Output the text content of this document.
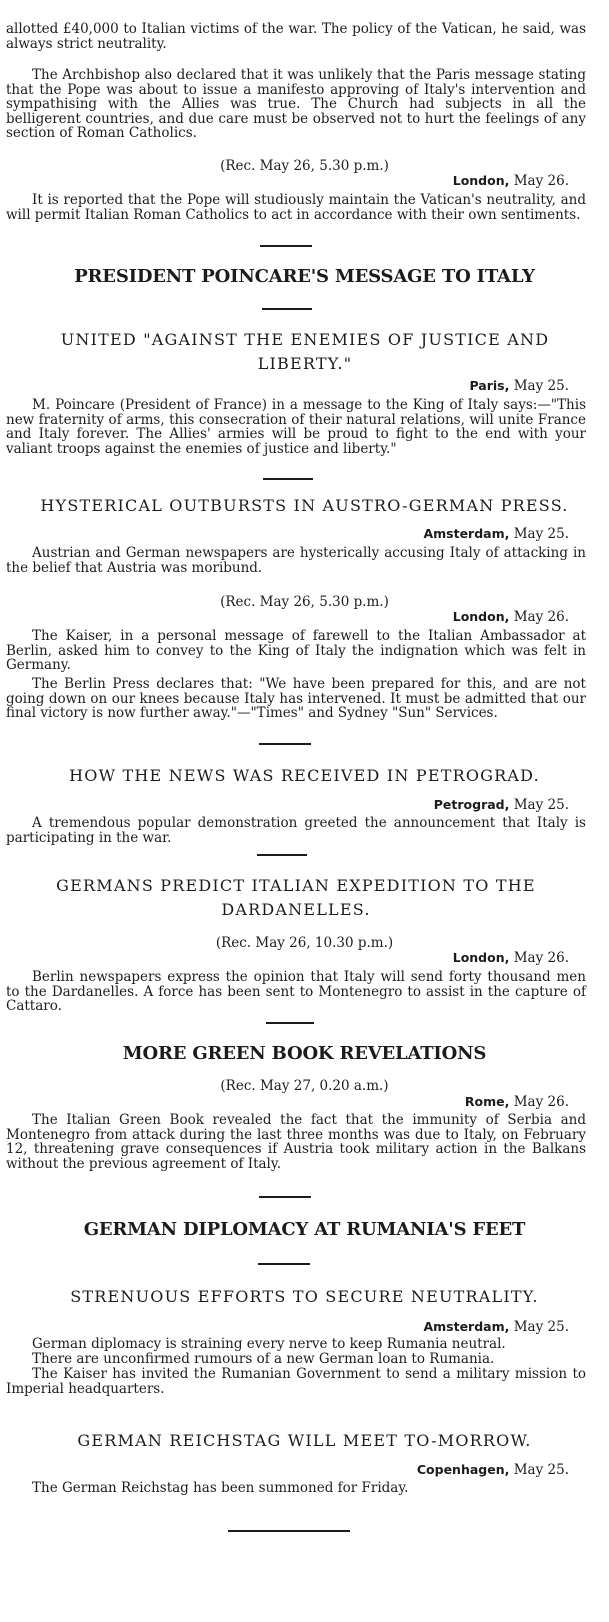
allotted £40,000 to Italian victims of the war. The policy of the Vatican, he said, was always strict neutrality.
The Archbishop also declared that it was unlikely that the Paris message stating that the Pope was about to issue a manifesto approving of Italy's intervention and sympathising with the Allies was true. The Church had subjects in all the belligerent countries, and due care must be observed not to hurt the feelings of any section of Roman Catholics.
(Rec. May 26, 5.30 p.m.)
London, May 26.
It is reported that the Pope will studiously maintain the Vatican's neutrality, and will permit Italian Roman Catholics to act in accordance with their own sentiments.
PRESIDENT POINCARE'S MESSAGE TO ITALY
UNITED "AGAINST THE ENEMIES OF JUSTICE AND LIBERTY."
Paris, May 25.
M. Poincare (President of France) in a message to the King of Italy says:—"This new fraternity of arms, this consecration of their natural relations, will unite France and Italy forever. The Allies' armies will be proud to fight to the end with your valiant troops against the enemies of justice and liberty."
HYSTERICAL OUTBURSTS IN AUSTRO-GERMAN PRESS.
Amsterdam, May 25.
Austrian and German newspapers are hysterically accusing Italy of attacking in the belief that Austria was moribund.
(Rec. May 26, 5.30 p.m.)
London, May 26.
The Kaiser, in a personal message of farewell to the Italian Ambassador at Berlin, asked him to convey to the King of Italy the indignation which was felt in Germany.
The Berlin Press declares that: "We have been prepared for this, and are not going down on our knees because Italy has intervened. It must be admitted that our final victory is now further away."—"Times" and Sydney "Sun" Services.
HOW THE NEWS WAS RECEIVED IN PETROGRAD.
Petrograd, May 25.
A tremendous popular demonstration greeted the announcement that Italy is participating in the war.
GERMANS PREDICT ITALIAN EXPEDITION TO THE DARDANELLES.
(Rec. May 26, 10.30 p.m.)
London, May 26.
Berlin newspapers express the opinion that Italy will send forty thousand men to the Dardanelles. A force has been sent to Montenegro to assist in the capture of Cattaro.
MORE GREEN BOOK REVELATIONS
(Rec. May 27, 0.20 a.m.)
Rome, May 26.
The Italian Green Book revealed the fact that the immunity of Serbia and Montenegro from attack during the last three months was due to Italy, on February 12, threatening grave consequences if Austria took military action in the Balkans without the previous agreement of Italy.
GERMAN DIPLOMACY AT RUMANIA'S FEET
STRENUOUS EFFORTS TO SECURE NEUTRALITY.
Amsterdam, May 25.
German diplomacy is straining every nerve to keep Rumania neutral.
There are unconfirmed rumours of a new German loan to Rumania.
The Kaiser has invited the Rumanian Government to send a military mission to Imperial headquarters.
GERMAN REICHSTAG WILL MEET TO-MORROW.
Copenhagen, May 25.
The German Reichstag has been summoned for Friday.
